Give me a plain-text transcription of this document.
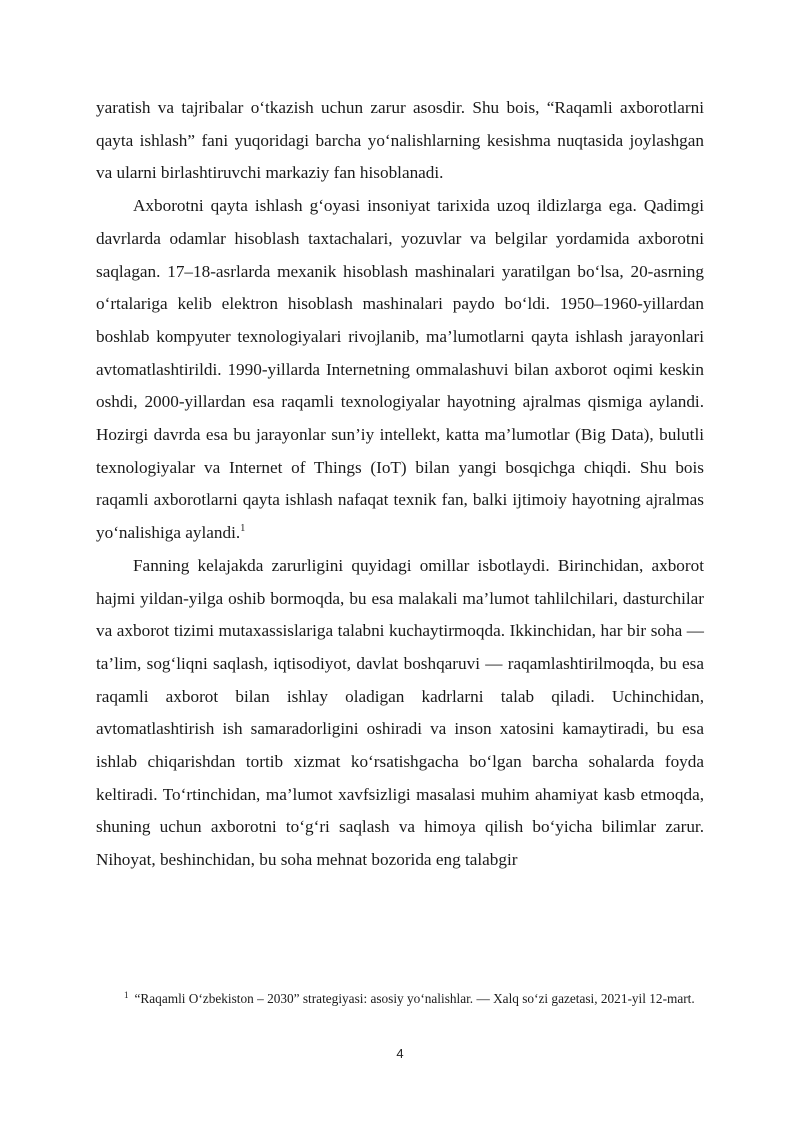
yaratish va tajribalar o‘tkazish uchun zarur asosdir. Shu bois, “Raqamli axborotlarni qayta ishlash” fani yuqoridagi barcha yo‘nalishlarning kesishma nuqtasida joylashgan va ularni birlashtiruvchi markaziy fan hisoblanadi.

Axborotni qayta ishlash g‘oyasi insoniyat tarixida uzoq ildizlarga ega. Qadimgi davrlarda odamlar hisoblash taxtachalari, yozuvlar va belgilar yordamida axborotni saqlagan. 17–18-asrlarda mexanik hisoblash mashinalari yaratilgan bo‘lsa, 20-asrning o‘rtalariga kelib elektron hisoblash mashinalari paydo bo‘ldi. 1950–1960-yillardan boshlab kompyuter texnologiyalari rivojlanib, ma’lumotlarni qayta ishlash jarayonlari avtomatlashtirildi. 1990-yillarda Internetning ommalashuvi bilan axborot oqimi keskin oshdi, 2000-yillardan esa raqamli texnologiyalar hayotning ajralmas qismiga aylandi. Hozirgi davrda esa bu jarayonlar sun’iy intellekt, katta ma’lumotlar (Big Data), bulutli texnologiyalar va Internet of Things (IoT) bilan yangi bosqichga chiqdi. Shu bois raqamli axborotlarni qayta ishlash nafaqat texnik fan, balki ijtimoiy hayotning ajralmas yo‘nalishiga aylandi.$^1$

Fanning kelajakda zarurligini quyidagi omillar isbotlaydi. Birinchidan, axborot hajmi yildan-yilga oshib bormoqda, bu esa malakali ma’lumot tahlilchilari, dasturchilar va axborot tizimi mutaxassislariga talabni kuchaytirmoqda. Ikkinchidan, har bir soha — ta’lim, sog‘liqni saqlash, iqtisodiyot, davlat boshqaruvi — raqamlashtirilmoqda, bu esa raqamli axborot bilan ishlay oladigan kadrlarni talab qiladi. Uchinchidan, avtomatlashtirish ish samaradorligini oshiradi va inson xatosini kamaytiradi, bu esa ishlab chiqarishdan tortib xizmat ko‘rsatishgacha bo‘lgan barcha sohalarda foyda keltiradi. To‘rtinchidan, ma’lumot xavfsizligi masalasi muhim ahamiyat kasb etmoqda, shuning uchun axborotni to‘g‘ri saqlash va himoya qilish bo‘yicha bilimlar zarur. Nihoyat, beshinchidan, bu soha mehnat bozorida eng talabgir

$^1$ “Raqamli O‘zbekiston – 2030” strategiyasi: asosiy yo‘nalishlar. — Xalq so‘zi gazetasi, 2021-yil 12-mart.
4
